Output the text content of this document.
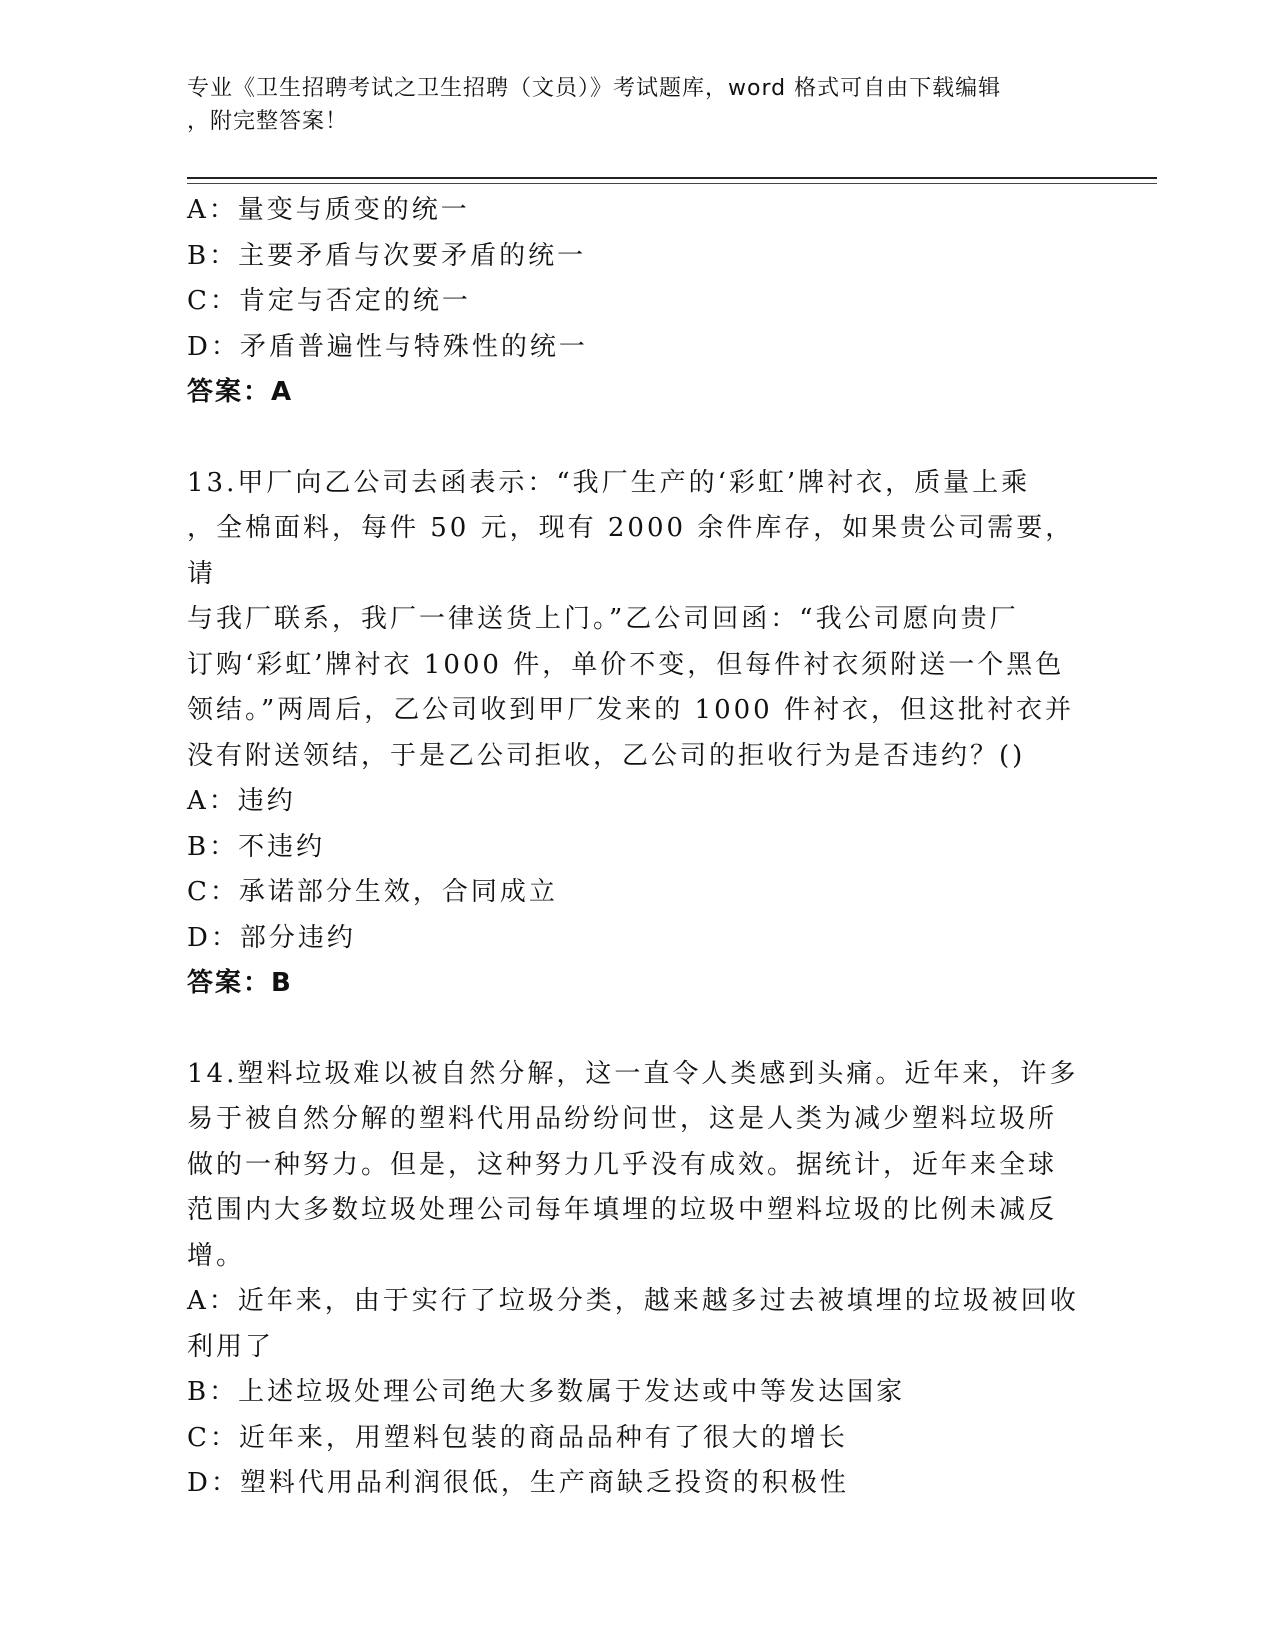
专业《卫生招聘考试之卫生招聘（文员）》考试题库，word 格式可自由下载编辑
，附完整答案！
A：量变与质变的统一
B：主要矛盾与次要矛盾的统一
C：肯定与否定的统一
D：矛盾普遍性与特殊性的统一
答案：A
13.甲厂向乙公司去函表示：“我厂生产的‘彩虹’牌衬衣，质量上乘
，全棉面料，每件 50 元，现有 2000 余件库存，如果贵公司需要，请
与我厂联系，我厂一律送货上门。”乙公司回函：“我公司愿向贵厂
订购‘彩虹’牌衬衣 1000 件，单价不变，但每件衬衣须附送一个黑色
领结。”两周后，乙公司收到甲厂发来的 1000 件衬衣，但这批衬衣并
没有附送领结，于是乙公司拒收，乙公司的拒收行为是否违约？()
A：违约
B：不违约
C：承诺部分生效，合同成立
D：部分违约
答案：B
14.塑料垃圾难以被自然分解，这一直令人类感到头痛。近年来，许多
易于被自然分解的塑料代用品纷纷问世，这是人类为减少塑料垃圾所
做的一种努力。但是，这种努力几乎没有成效。据统计，近年来全球
范围内大多数垃圾处理公司每年填埋的垃圾中塑料垃圾的比例未减反
增。
A：近年来，由于实行了垃圾分类，越来越多过去被填埋的垃圾被回收
利用了
B：上述垃圾处理公司绝大多数属于发达或中等发达国家
C：近年来，用塑料包装的商品品种有了很大的增长
D：塑料代用品利润很低，生产商缺乏投资的积极性
